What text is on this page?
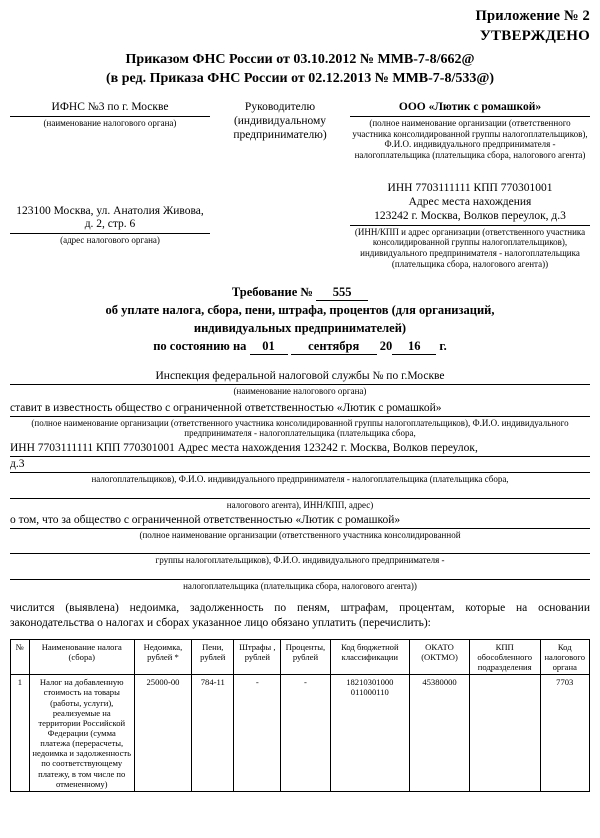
Приложение № 2
УТВЕРЖДЕНО
Приказом ФНС России от 03.10.2012 № ММВ-7-8/662@
(в ред. Приказа ФНС России от 02.12.2013 № ММВ-7-8/533@)
ИФНС №3 по г. Москве
(наименование налогового органа)
123100 Москва, ул. Анатолия Живова,
д. 2, стр. 6
(адрес налогового органа)
Руководителю
(индивидуальному
предпринимателю)
ООО «Лютик с ромашкой»
(полное наименование организации (ответственного участника консолидированной группы налогоплательщиков), Ф.И.О. индивидуального предпринимателя - налогоплательщика (плательщика сбора, налогового агента)
ИНН 7703111111 КПП 770301001
Адрес места нахождения
123242 г. Москва, Волков переулок, д.3
(ИНН/КПП и адрес организации (ответственного участника консолидированной группы налогоплательщиков), индивидуального предпринимателя - налогоплательщика (плательщика сбора, налогового агента))
Требование № 555
об уплате налога, сбора, пени, штрафа, процентов (для организаций,
индивидуальных предпринимателей)
по состоянию на 01	сентября 20 16 г.
Инспекция федеральной налоговой службы № по г.Москве
(наименование налогового органа)
ставит в известность общество с ограниченной ответственностью «Лютик с ромашкой»
(полное наименование организации (ответственного участника консолидированной группы налогоплательщиков), Ф.И.О. индивидуального предпринимателя - налогоплательщика (плательщика сбора,
ИНН 7703111111 КПП 770301001 Адрес места нахождения 123242 г. Москва, Волков переулок,
д.3
налогоплательщиков), Ф.И.О. индивидуального предпринимателя - налогоплательщика (плательщика сбора,
налогового агента), ИНН/КПП, адрес)
о том, что за общество с ограниченной ответственностью «Лютик с ромашкой»
(полное наименование организации (ответственного участника консолидированной
группы налогоплательщиков), Ф.И.О. индивидуального предпринимателя -
налогоплательщика (плательщика сбора, налогового агента))
числится (выявлена) недоимка, задолженность по пеням, штрафам, процентам, которые на основании законодательства о налогах и сборах указанное лицо обязано уплатить (перечислить):
№	Наименование налога (сбора)	Недоимка, рублей *	Пени, рублей	Штрафы , рублей	Проценты, рублей	Код бюджетной классификации	ОКАТО (ОКТМО)	КПП обособленного подразделения	Код налогового органа
1	Налог на добавленную стоимость на товары (работы, услуги), реализуемые на территории Российской Федерации (сумма платежа (перерасчеты, недоимка и задолженность по соответствующему платежу, в том числе по отмененному)	25000-00	784-11	-	-	18210301000 011000110	45380000		7703
